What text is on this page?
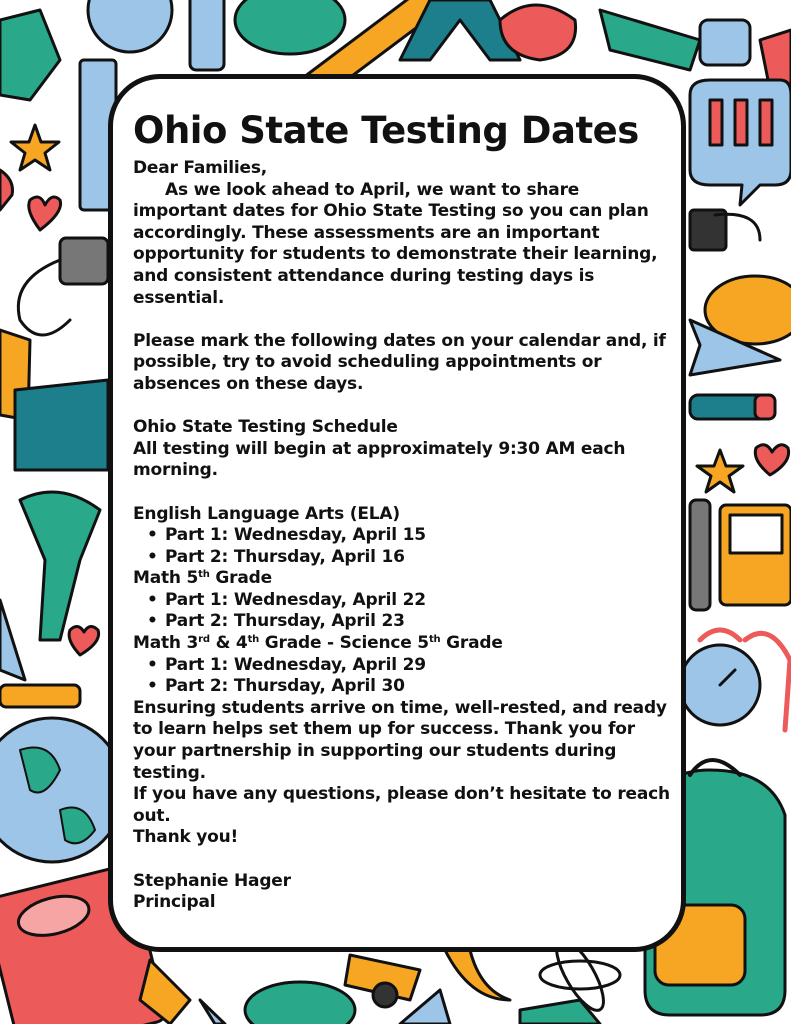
Ohio State Testing Dates

Dear Families,

As we look ahead to April, we want to share important dates for Ohio State Testing so you can plan accordingly. These assessments are an important opportunity for students to demonstrate their learning, and consistent attendance during testing days is essential.

Please mark the following dates on your calendar and, if possible, try to avoid scheduling appointments or absences on these days.

Ohio State Testing Schedule

All testing will begin at approximately 9:30 AM each morning.

English Language Arts (ELA)

• Part 1: Wednesday, April 15
• Part 2: Thursday, April 16

Math 5th Grade

• Part 1: Wednesday, April 22
• Part 2: Thursday, April 23

Math 3rd & 4th Grade - Science 5th Grade

• Part 1: Wednesday, April 29
• Part 2: Thursday, April 30

Ensuring students arrive on time, well-rested, and ready to learn helps set them up for success. Thank you for your partnership in supporting our students during testing.

If you have any questions, please don’t hesitate to reach out.

Thank you!

Stephanie Hager

Principal
